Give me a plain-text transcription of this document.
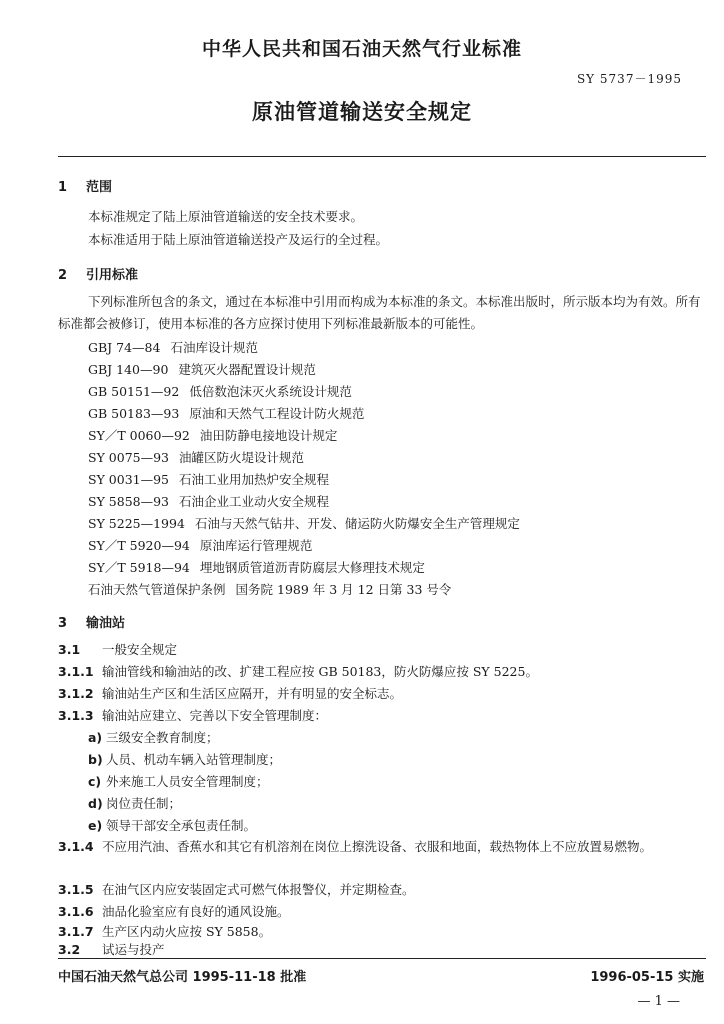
中华人民共和国石油天然气行业标准
SY 5737－1995
原油管道输送安全规定
1 范围
本标准规定了陆上原油管道输送的安全技术要求。
本标准适用于陆上原油管道输送投产及运行的全过程。
2 引用标准
下列标准所包含的条文，通过在本标准中引用而构成为本标准的条文。本标准出版时，所示版本均为有效。所有标准都会被修订，使用本标准的各方应探讨使用下列标准最新版本的可能性。
GBJ 74—84 石油库设计规范
GBJ 140—90 建筑灭火器配置设计规范
GB 50151—92 低倍数泡沫灭火系统设计规范
GB 50183—93 原油和天然气工程设计防火规范
SY／T 0060—92 油田防静电接地设计规定
SY 0075—93 油罐区防火堤设计规范
SY 0031—95 石油工业用加热炉安全规程
SY 5858—93 石油企业工业动火安全规程
SY 5225—1994 石油与天然气钻井、开发、储运防火防爆安全生产管理规定
SY／T 5920—94 原油库运行管理规范
SY／T 5918—94 埋地钢质管道沥青防腐层大修理技术规定
石油天然气管道保护条例 国务院 1989 年 3 月 12 日第 33 号令
3 输油站
3.1 一般安全规定
3.1.1 输油管线和输油站的改、扩建工程应按 GB 50183，防火防爆应按 SY 5225。
3.1.2 输油站生产区和生活区应隔开，并有明显的安全标志。
3.1.3 输油站应建立、完善以下安全管理制度：
a) 三级安全教育制度；
b) 人员、机动车辆入站管理制度；
c) 外来施工人员安全管理制度；
d) 岗位责任制；
e) 领导干部安全承包责任制。
3.1.4 不应用汽油、香蕉水和其它有机溶剂在岗位上擦洗设备、衣服和地面，载热物体上不应放置易燃物。
3.1.5 在油气区内应安装固定式可燃气体报警仪，并定期检查。
3.1.6 油品化验室应有良好的通风设施。
3.1.7 生产区内动火应按 SY 5858。
3.2 试运与投产
中国石油天然气总公司 1995-11-18 批准	1996-05-15 实施
— 1 —
